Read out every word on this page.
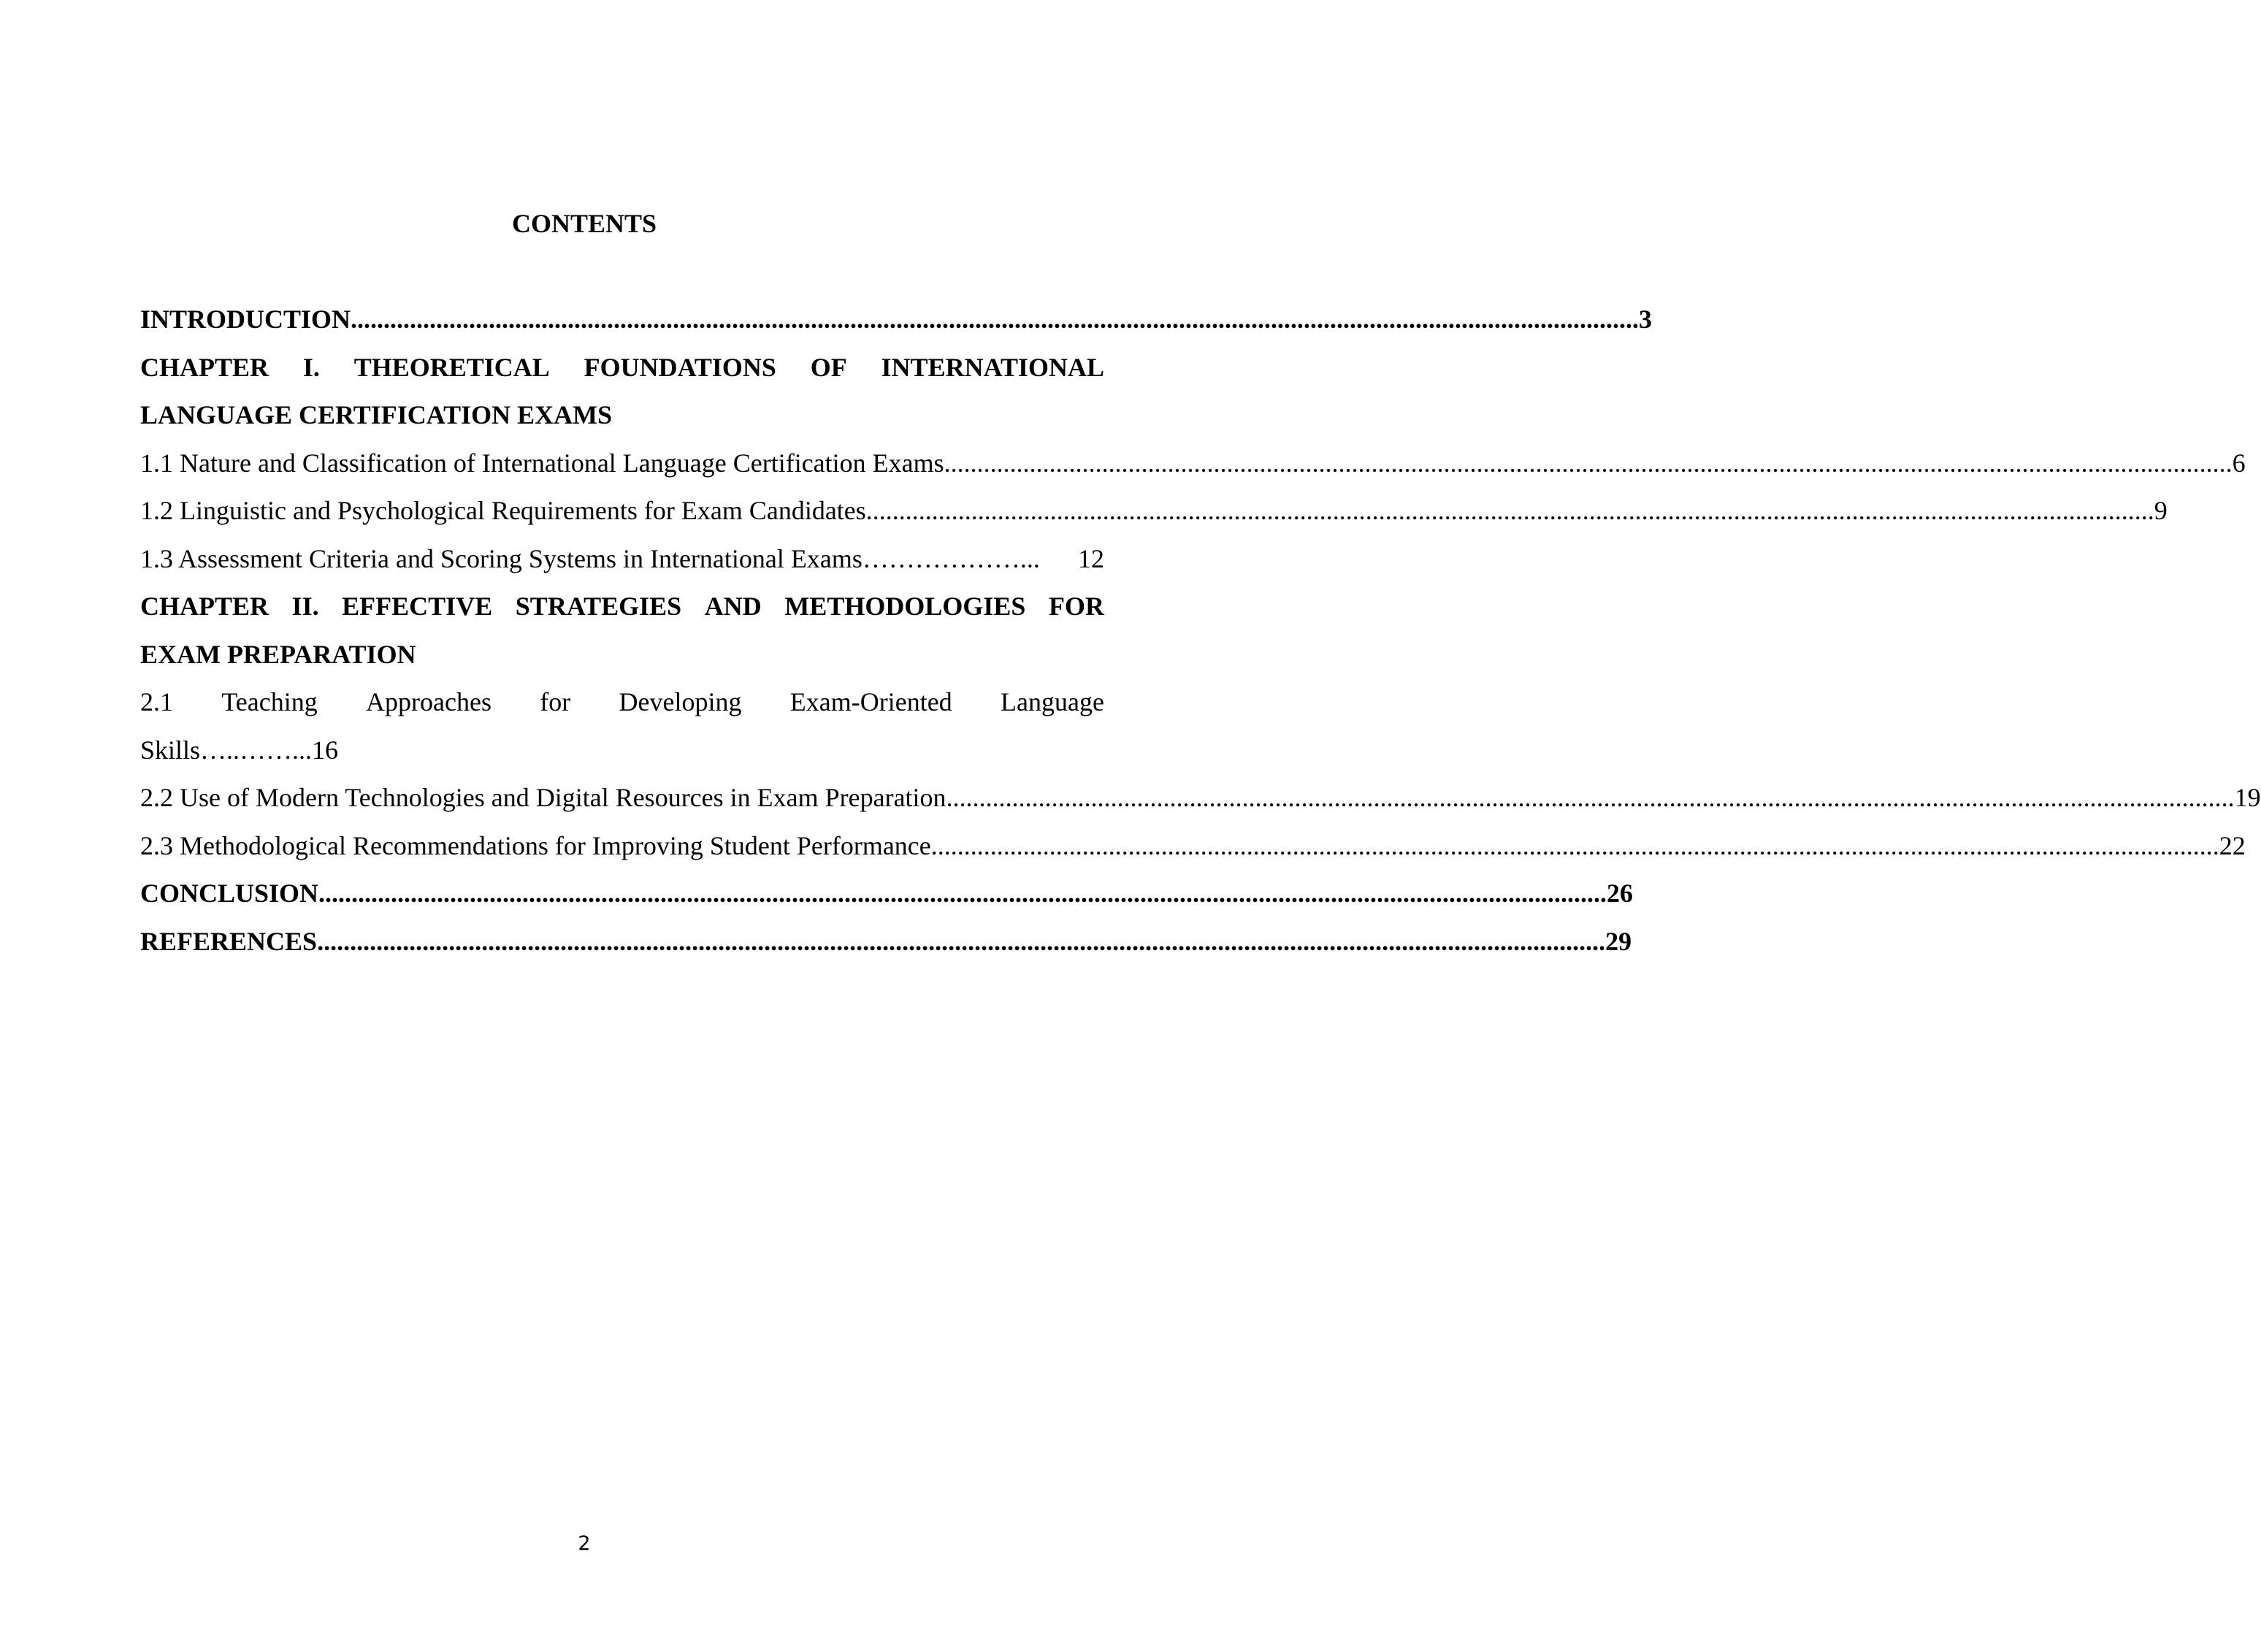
CONTENTS
INTRODUCTION .................................................................................................................................................................................................... 3
CHAPTER I. THEORETICAL FOUNDATIONS OF INTERNATIONAL
LANGUAGE CERTIFICATION EXAMS
1.1 Nature and Classification of International Language Certification Exams .................................................................................................................................................................................................... 6
1.2 Linguistic and Psychological Requirements for Exam Candidates .................................................................................................................................................................................................... 9
1.3 Assessment Criteria and Scoring Systems in International Exams ………………...	12
CHAPTER II. EFFECTIVE STRATEGIES AND METHODOLOGIES FOR
EXAM PREPARATION
2.1 Teaching Approaches for Developing Exam-Oriented Language
Skills…..……...16
2.2 Use of Modern Technologies and Digital Resources in Exam Preparation .................................................................................................................................................................................................... 19
2.3 Methodological Recommendations for Improving Student Performance .................................................................................................................................................................................................... 22
CONCLUSION .................................................................................................................................................................................................... 26
REFERENCES .................................................................................................................................................................................................... 29
2
